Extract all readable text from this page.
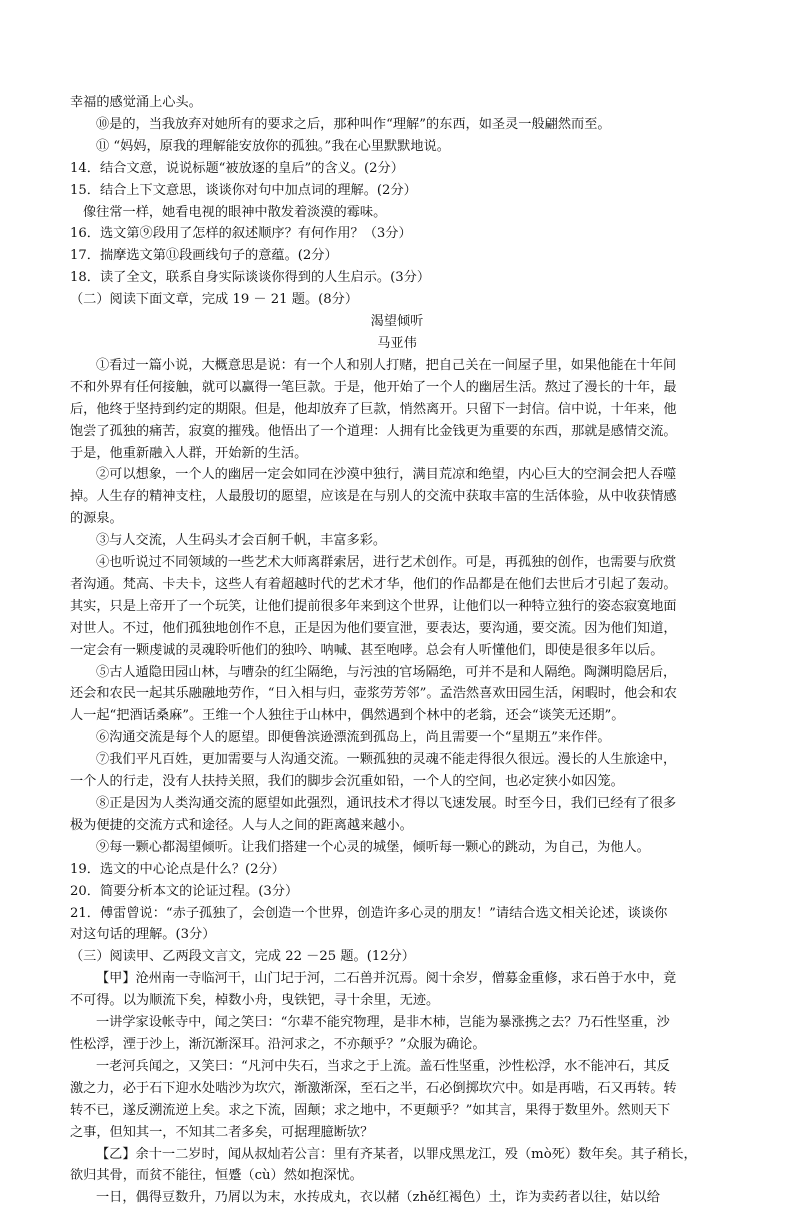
幸福的感觉涌上心头。
⑩是的，当我放弃对她所有的要求之后，那种叫作“理解”的东西，如圣灵一般翩然而至。
⑪ “妈妈，原我的理解能安放你的孤独。”我在心里默默地说。
14．结合文意，说说标题“被放逐的皇后”的含义。(2分）
15．结合上下文意思，谈谈你对句中加点词的理解。(2分）
像往常一样，她看电视的眼神中散发着淡漠的霉味。
16．选文第⑨段用了怎样的叙述顺序？有何作用？（3分）
17．揣摩选文第⑪段画线句子的意蕴。(2分）
18．读了全文，联系自身实际谈谈你得到的人生启示。(3分）
（二）阅读下面文章，完成 19 － 21 题。(8分）
渴望倾听
马亚伟
①看过一篇小说，大概意思是说：有一个人和别人打赌，把自己关在一间屋子里，如果他能在十年间
不和外界有任何接触，就可以赢得一笔巨款。于是，他开始了一个人的幽居生活。熬过了漫长的十年，最
后，他终于坚持到约定的期限。但是，他却放弃了巨款，悄然离开。只留下一封信。信中说，十年来，他
饱尝了孤独的痛苦，寂寞的摧残。他悟出了一个道理：人拥有比金钱更为重要的东西，那就是感情交流。
于是，他重新融入人群，开始新的生活。
②可以想象，一个人的幽居一定会如同在沙漠中独行，满目荒凉和绝望，内心巨大的空洞会把人吞噬
掉。人生存的精神支柱，人最殷切的愿望，应该是在与别人的交流中获取丰富的生活体验，从中收获情感
的源泉。
③与人交流，人生码头才会百舸千帆，丰富多彩。
④也听说过不同领域的一些艺术大师离群索居，进行艺术创作。可是，再孤独的创作，也需要与欣赏
者沟通。梵高、卡夫卡，这些人有着超越时代的艺术才华，他们的作品都是在他们去世后才引起了轰动。
其实，只是上帝开了一个玩笑，让他们提前很多年来到这个世界，让他们以一种特立独行的姿态寂寞地面
对世人。不过，他们孤独地创作不息，正是因为他们要宣泄，要表达，要沟通，要交流。因为他们知道，
一定会有一颗虔诚的灵魂聆听他们的独吟、呐喊、甚至咆哮。总会有人听懂他们，即使是很多年以后。
⑤古人遁隐田园山林，与嘈杂的红尘隔绝，与污浊的官场隔绝，可并不是和人隔绝。陶渊明隐居后，
还会和农民一起其乐融融地劳作，“日入相与归，壶浆劳芳邻”。孟浩然喜欢田园生活，闲暇时，他会和农
人一起“把酒话桑麻”。王维一个人独往于山林中，偶然遇到个林中的老翁，还会“谈笑无还期”。
⑥沟通交流是每个人的愿望。即便鲁滨逊漂流到孤岛上，尚且需要一个“星期五”来作伴。
⑦我们平凡百姓，更加需要与人沟通交流。一颗孤独的灵魂不能走得很久很远。漫长的人生旅途中，
一个人的行走，没有人扶持关照，我们的脚步会沉重如铅，一个人的空间，也必定狭小如囚笼。
⑧正是因为人类沟通交流的愿望如此强烈，通讯技术才得以飞速发展。时至今日，我们已经有了很多
极为便捷的交流方式和途径。人与人之间的距离越来越小。
⑨每一颗心都渴望倾听。让我们搭建一个心灵的城堡，倾听每一颗心的跳动，为自己，为他人。
19．选文的中心论点是什么？(2分）
20．简要分析本文的论证过程。(3分）
21．傅雷曾说：“赤子孤独了，会创造一个世界，创造许多心灵的朋友！”请结合选文相关论述，谈谈你
对这句话的理解。(3分）
（三）阅读甲、乙两段文言文，完成 22 －25 题。(12分）
【甲】沧州南一寺临河干，山门圮于河，二石兽并沉焉。阅十余岁，僧募金重修，求石兽于水中，竟
不可得。以为顺流下矣，棹数小舟，曳铁钯，寻十余里，无迹。
一讲学家设帐寺中，闻之笑曰：“尔辈不能究物理，是非木杮，岂能为暴涨携之去？乃石性坚重，沙
性松浮，湮于沙上，渐沉渐深耳。沿河求之，不亦颠乎？”众服为确论。
一老河兵闻之，又笑曰：“凡河中失石，当求之于上流。盖石性坚重，沙性松浮，水不能冲石，其反
激之力，必于石下迎水处啮沙为坎穴，渐激渐深，至石之半，石必倒掷坎穴中。如是再啮，石又再转。转
转不已，遂反溯流逆上矣。求之下流，固颠；求之地中，不更颠乎？”如其言，果得于数里外。然则天下
之事，但知其一，不知其二者多矣，可据理臆断欤？
【乙】余十一二岁时，闻从叔灿若公言：里有齐某者，以罪戍黑龙江，殁（mò死）数年矣。其子稍长，
欲归其骨，而贫不能往，恒蹙（cù）然如抱深忧。
一日，偶得豆数升，乃屑以为末，水抟成丸，衣以赭（zhě红褐色）土，诈为卖药者以往，姑以给
